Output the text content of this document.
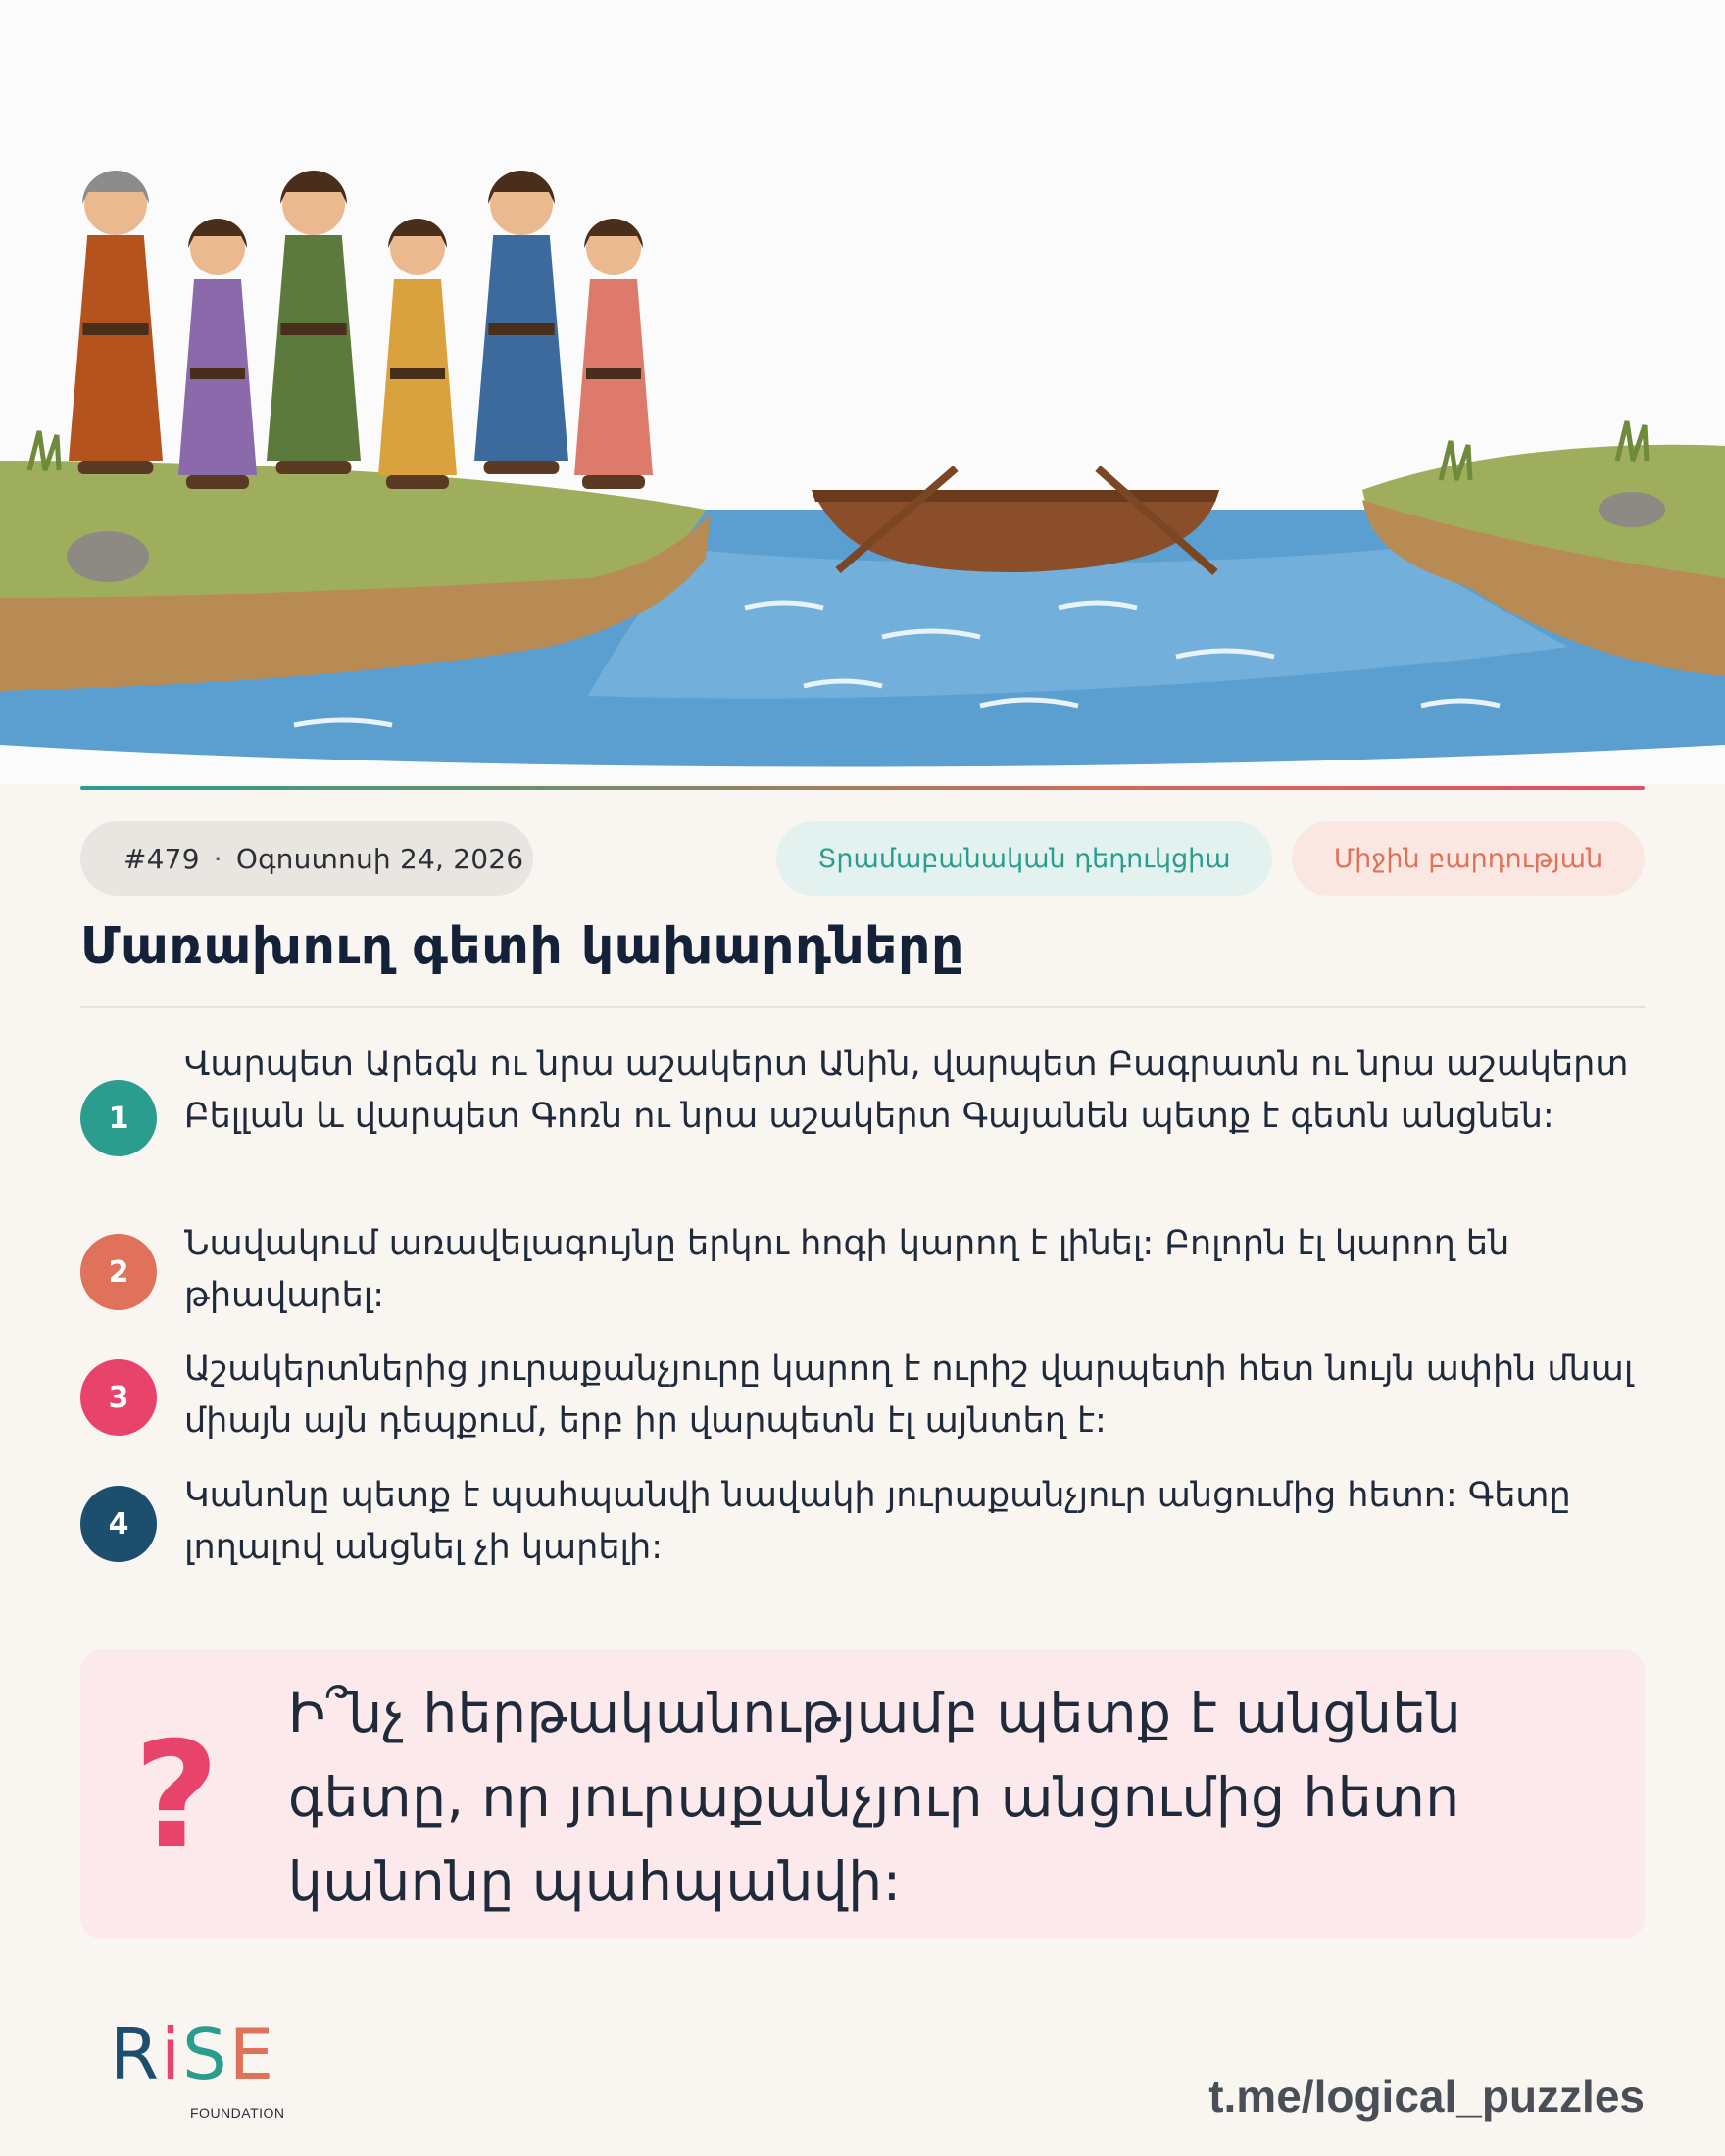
#479 · Օգոստոսի 24, 2026	Տրամաբանական դեդուկցիա	Միջին բարդության
Մառախուղ գետի կախարդները
1
Վարպետ Արեգն ու նրա աշակերտ Անին, վարպետ Բագրատն ու նրա աշակերտ Բելլան և վարպետ Գոռն ու նրա աշակերտ Գայանեն պետք է գետն անցնեն:
2
Նավակում առավելագույնը երկու հոգի կարող է լինել: Բոլորն էլ կարող են թիավարել:
3
Աշակերտներից յուրաքանչյուրը կարող է ուրիշ վարպետի հետ նույն ափին մնալ միայն այն դեպքում, երբ իր վարպետն էլ այնտեղ է:
4
Կանոնը պետք է պահպանվի նավակի յուրաքանչյուր անցումից հետո: Գետը լողալով անցնել չի կարելի:
? Ի՞նչ հերթականությամբ պետք է անցնեն գետը, որ յուրաքանչյուր անցումից հետո կանոնը պահպանվի:
RiSE
FOUNDATION	t.me/logical_puzzles
